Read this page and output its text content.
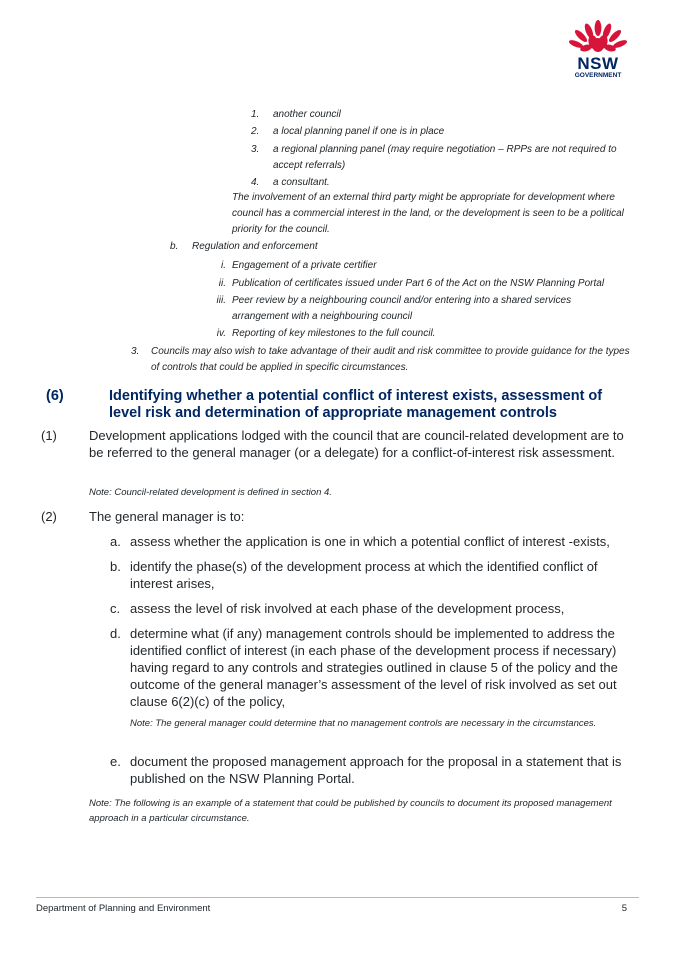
NSW
GOVERNMENT
1.	another council
2.	a local planning panel if one is in place
3.	a regional planning panel (may require negotiation – RPPs are not required to accept referrals)
4.	a consultant.
The involvement of an external third party might be appropriate for development where council has a commercial interest in the land, or the development is seen to be a political priority for the council.
b.	Regulation and enforcement
i. Engagement of a private certifier
ii. Publication of certificates issued under Part 6 of the Act on the NSW Planning Portal
iii. Peer review by a neighbouring council and/or entering into a shared services arrangement with a neighbouring council
iv. Reporting of key milestones to the full council.
3.	Councils may also wish to take advantage of their audit and risk committee to provide guidance for the types of controls that could be applied in specific circumstances.
(6)	Identifying whether a potential conflict of interest exists, assessment of level risk and determination of appropriate management controls
(1) Development applications lodged with the council that are council-related development are to be referred to the general manager (or a delegate) for a conflict-of-interest risk assessment.
Note: Council-related development is defined in section 4.
(2) The general manager is to:
a. assess whether the application is one in which a potential conflict of interest -exists,
b. identify the phase(s) of the development process at which the identified conflict of interest arises,
c. assess the level of risk involved at each phase of the development process,
d. determine what (if any) management controls should be implemented to address the identified conflict of interest (in each phase of the development process if necessary) having regard to any controls and strategies outlined in clause 5 of the policy and the outcome of the general manager’s assessment of the level of risk involved as set out clause 6(2)(c) of the policy,
Note: The general manager could determine that no management controls are necessary in the circumstances.
e. document the proposed management approach for the proposal in a statement that is published on the NSW Planning Portal.
Note: The following is an example of a statement that could be published by councils to document its proposed management approach in a particular circumstance.
Department of Planning and Environment	5
